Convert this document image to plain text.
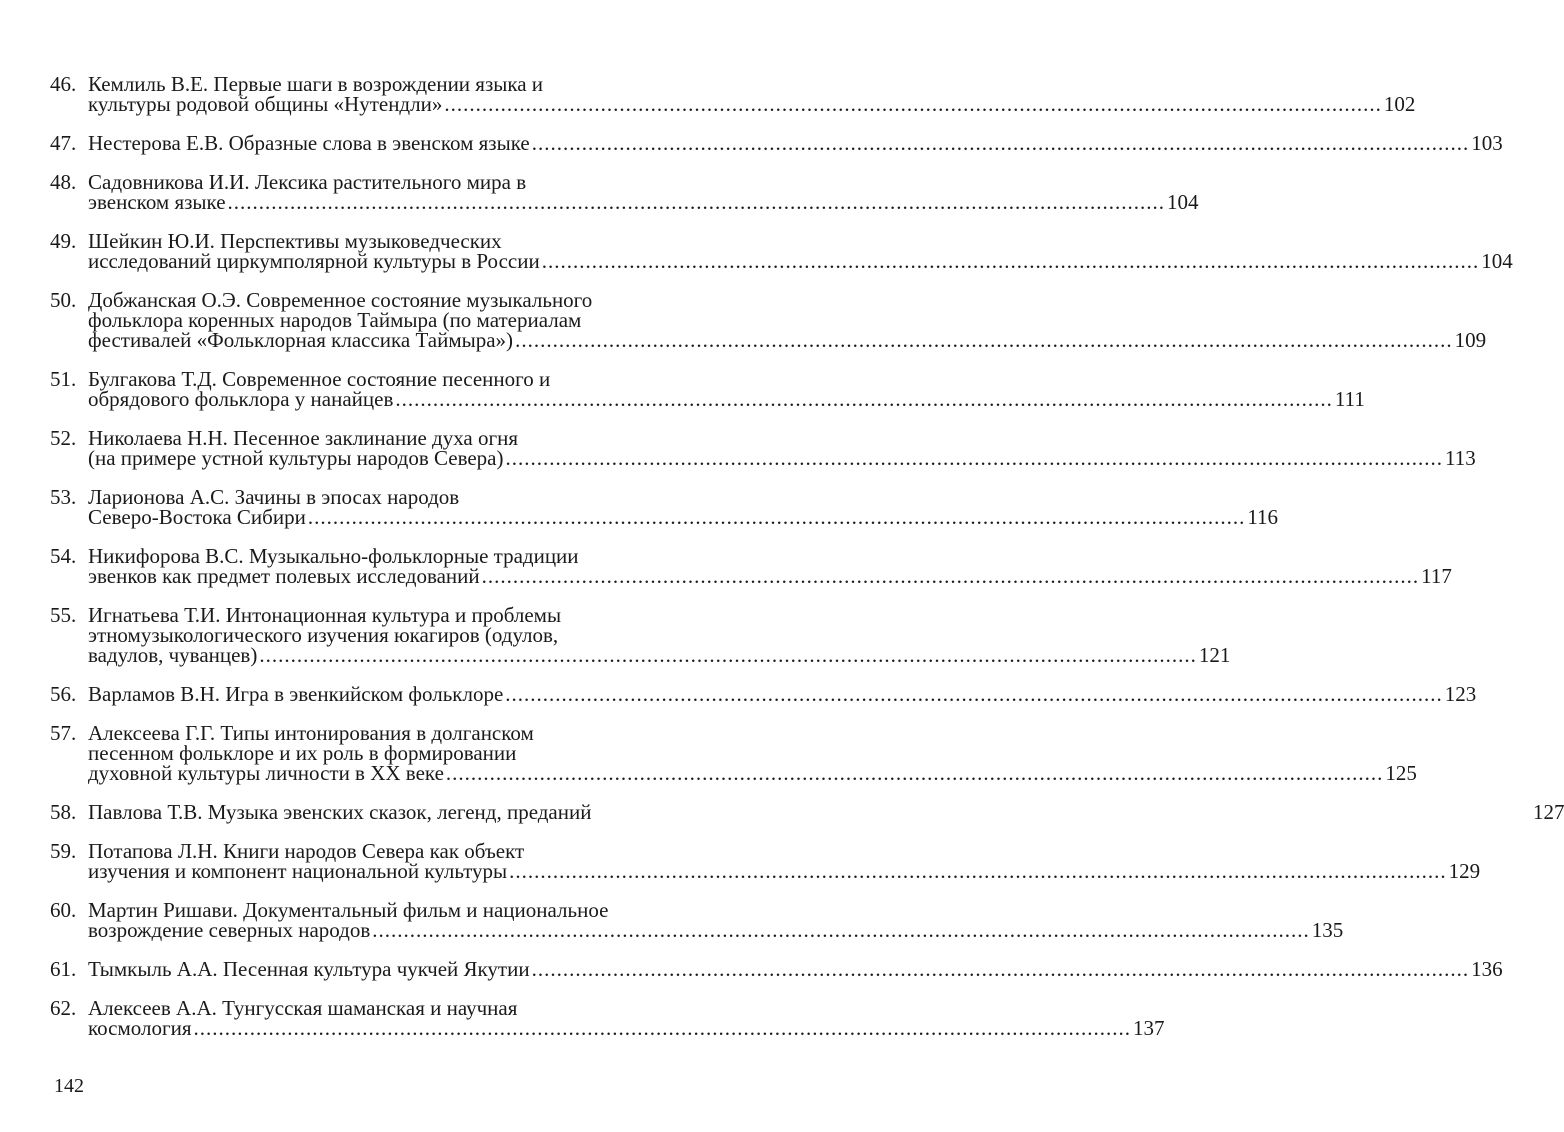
46. Кемлиль В.Е. Первые шаги в возрождении языка и
культуры родовой общины «Нутендли» .....	102
47. Нестерова Е.В. Образные слова в эвенском языке .....	103
48. Садовникова И.И. Лексика растительного мира в
эвенском языке .....	104
49. Шейкин Ю.И. Перспективы музыковедческих
исследований циркумполярной культуры в России .....	104
50. Добжанская О.Э. Современное состояние музыкального
фольклора коренных народов Таймыра (по материалам
фестивалей «Фольклорная классика Таймыра») .....	109
51. Булгакова Т.Д. Современное состояние песенного и
обрядового фольклора у нанайцев .....	111
52. Николаева Н.Н. Песенное заклинание духа огня
(на примере устной культуры народов Севера) .....	113
53. Ларионова А.С. Зачины в эпосах народов
Северо-Востока Сибири .....	116
54. Никифорова В.С. Музыкально-фольклорные традиции
эвенков как предмет полевых исследований .....	117
55. Игнатьева Т.И. Интонационная культура и проблемы
этномузыкологического изучения юкагиров (одулов,
вадулов, чуванцев) .....	121
56. Варламов В.Н. Игра в эвенкийском фольклоре .....	123
57. Алексеева Г.Г. Типы интонирования в долганском
песенном фольклоре и их роль в формировании
духовной культуры личности в XX веке .....	125
58. Павлова Т.В. Музыка эвенских сказок, легенд, преданий	127
59. Потапова Л.Н. Книги народов Севера как объект
изучения и компонент национальной культуры .....	129
60. Мартин Ришави. Документальный фильм и национальное
возрождение северных народов .....	135
61. Тымкыль А.А. Песенная культура чукчей Якутии .....	136
62. Алексеев А.А. Тунгусская шаманская и научная
космология .....	137
142
